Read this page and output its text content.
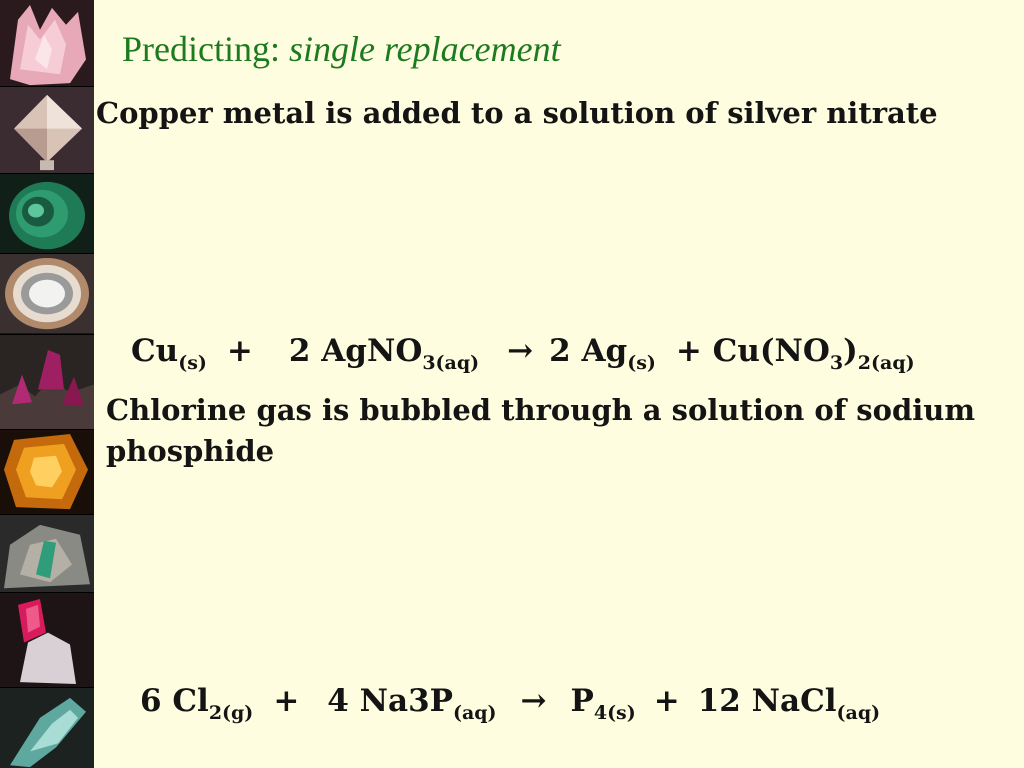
Predicting: single replacement
Copper metal is added to a solution of silver nitrate
$Cu_{(s)} + 2$ AgNO$_{3(aq)}$ → 2 $Ag_{(s)} + Cu(NO_3)_{2(aq)}$
Chlorine gas is bubbled through a solution of sodium
phosphide
6 $Cl_{2(g)} + 4$ $Na3P_{(aq)} \to P_{4(s)} + 12$ NaCl$_{(aq)}$
